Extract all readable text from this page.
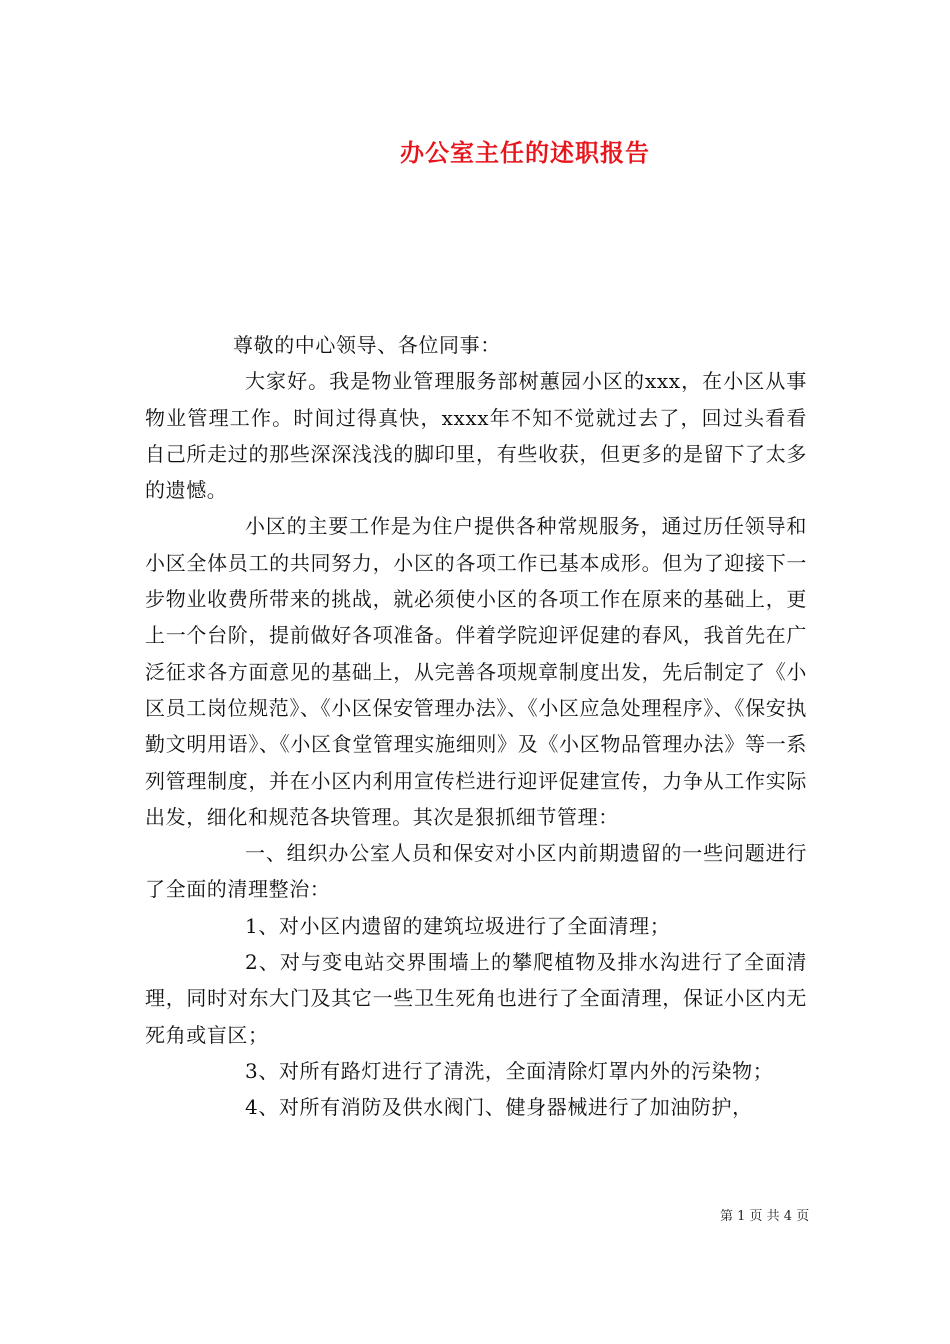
办公室主任的述职报告

尊敬的中心领导、各位同事：

大家好。我是物业管理服务部树蕙园小区的xxx，在小区从事物业管理工作。时间过得真快，xxxx年不知不觉就过去了，回过头看看自己所走过的那些深深浅浅的脚印里，有些收获，但更多的是留下了太多的遗憾。

小区的主要工作是为住户提供各种常规服务，通过历任领导和小区全体员工的共同努力，小区的各项工作已基本成形。但为了迎接下一步物业收费所带来的挑战，就必须使小区的各项工作在原来的基础上，更上一个台阶，提前做好各项准备。伴着学院迎评促建的春风，我首先在广泛征求各方面意见的基础上，从完善各项规章制度出发，先后制定了《小区员工岗位规范》、《小区保安管理办法》、《小区应急处理程序》、《保安执勤文明用语》、《小区食堂管理实施细则》及《小区物品管理办法》等一系列管理制度，并在小区内利用宣传栏进行迎评促建宣传，力争从工作实际出发，细化和规范各块管理。其次是狠抓细节管理：

一、组织办公室人员和保安对小区内前期遗留的一些问题进行了全面的清理整治：

1、对小区内遗留的建筑垃圾进行了全面清理；

2、对与变电站交界围墙上的攀爬植物及排水沟进行了全面清理，同时对东大门及其它一些卫生死角也进行了全面清理，保证小区内无死角或盲区；

3、对所有路灯进行了清洗，全面清除灯罩内外的污染物；

4、对所有消防及供水阀门、健身器械进行了加油防护，

第 1 页 共 4 页
